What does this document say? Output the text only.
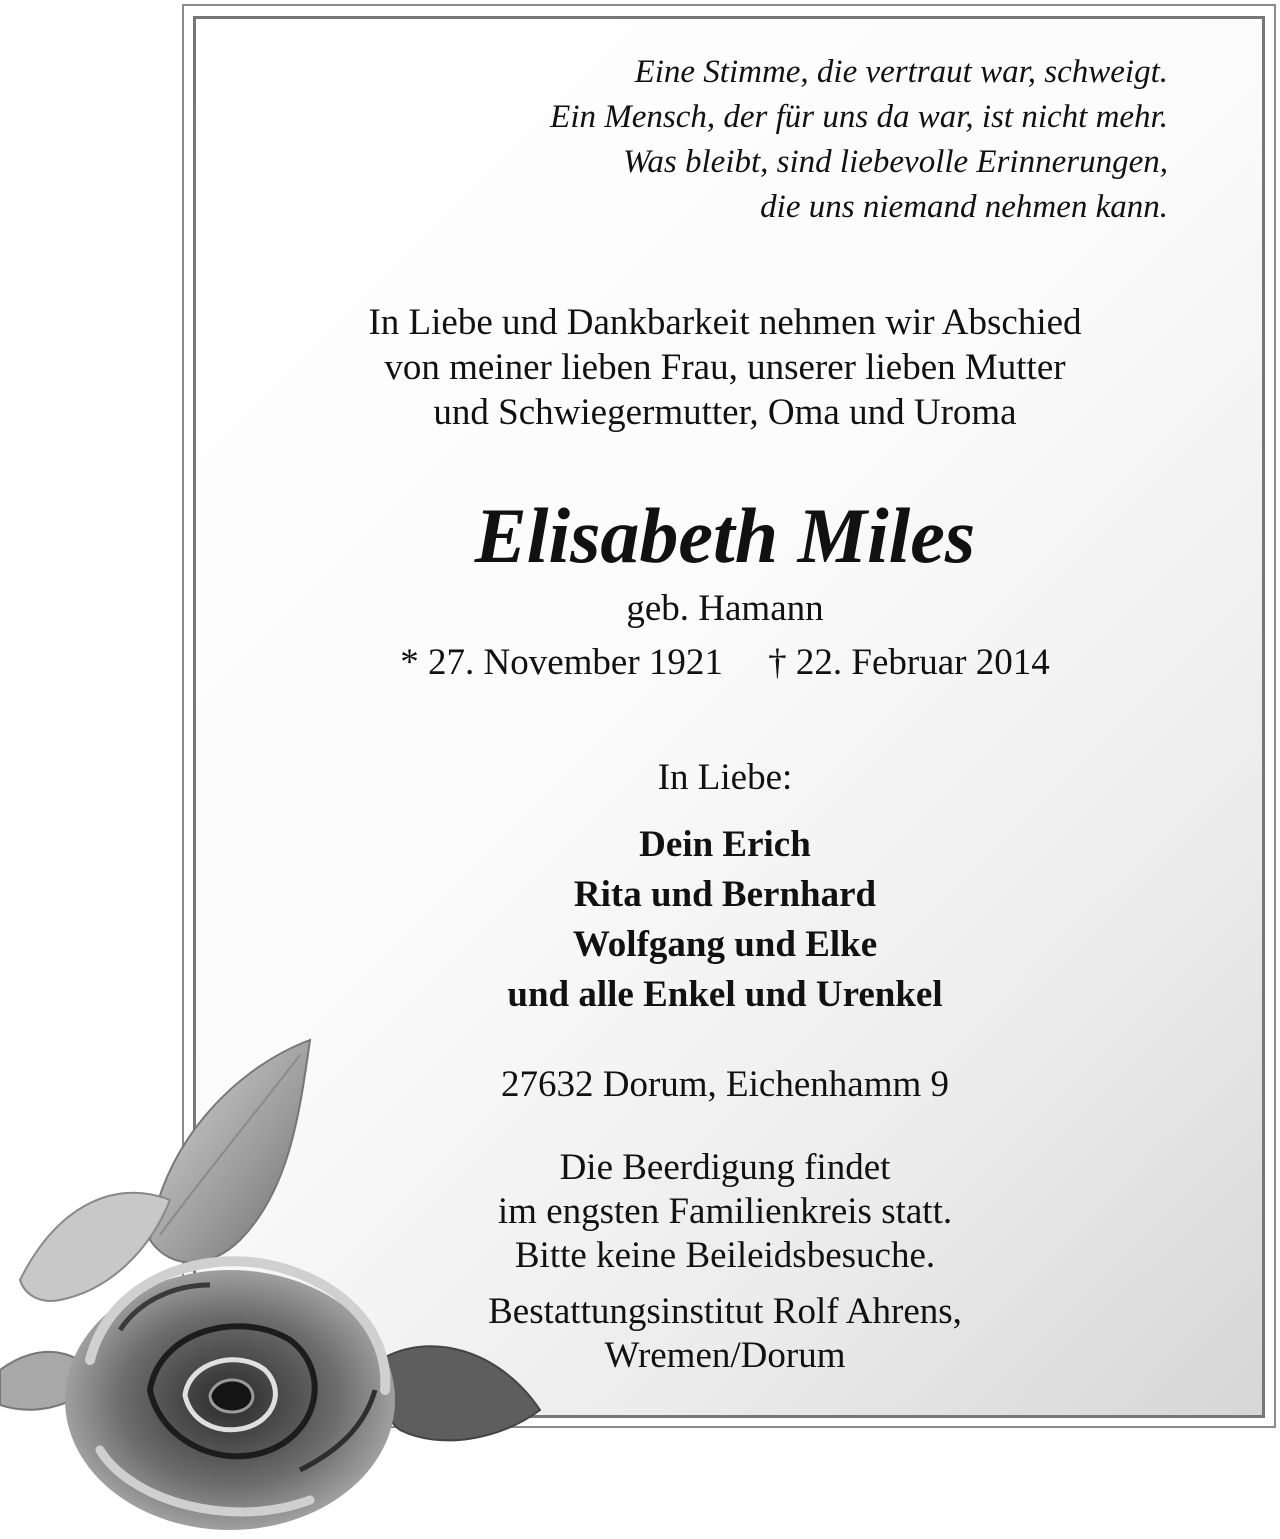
Eine Stimme, die vertraut war, schweigt.
Ein Mensch, der für uns da war, ist nicht mehr.
Was bleibt, sind liebevolle Erinnerungen,
die uns niemand nehmen kann.
In Liebe und Dankbarkeit nehmen wir Abschied
von meiner lieben Frau, unserer lieben Mutter
und Schwiegermutter, Oma und Uroma
Elisabeth Miles
geb. Hamann
* 27. November 1921 † 22. Februar 2014
In Liebe:
Dein Erich
Rita und Bernhard
Wolfgang und Elke
und alle Enkel und Urenkel
27632 Dorum, Eichenhamm 9
Die Beerdigung findet
im engsten Familienkreis statt.
Bitte keine Beileidsbesuche.
Bestattungsinstitut Rolf Ahrens,
Wremen/Dorum
